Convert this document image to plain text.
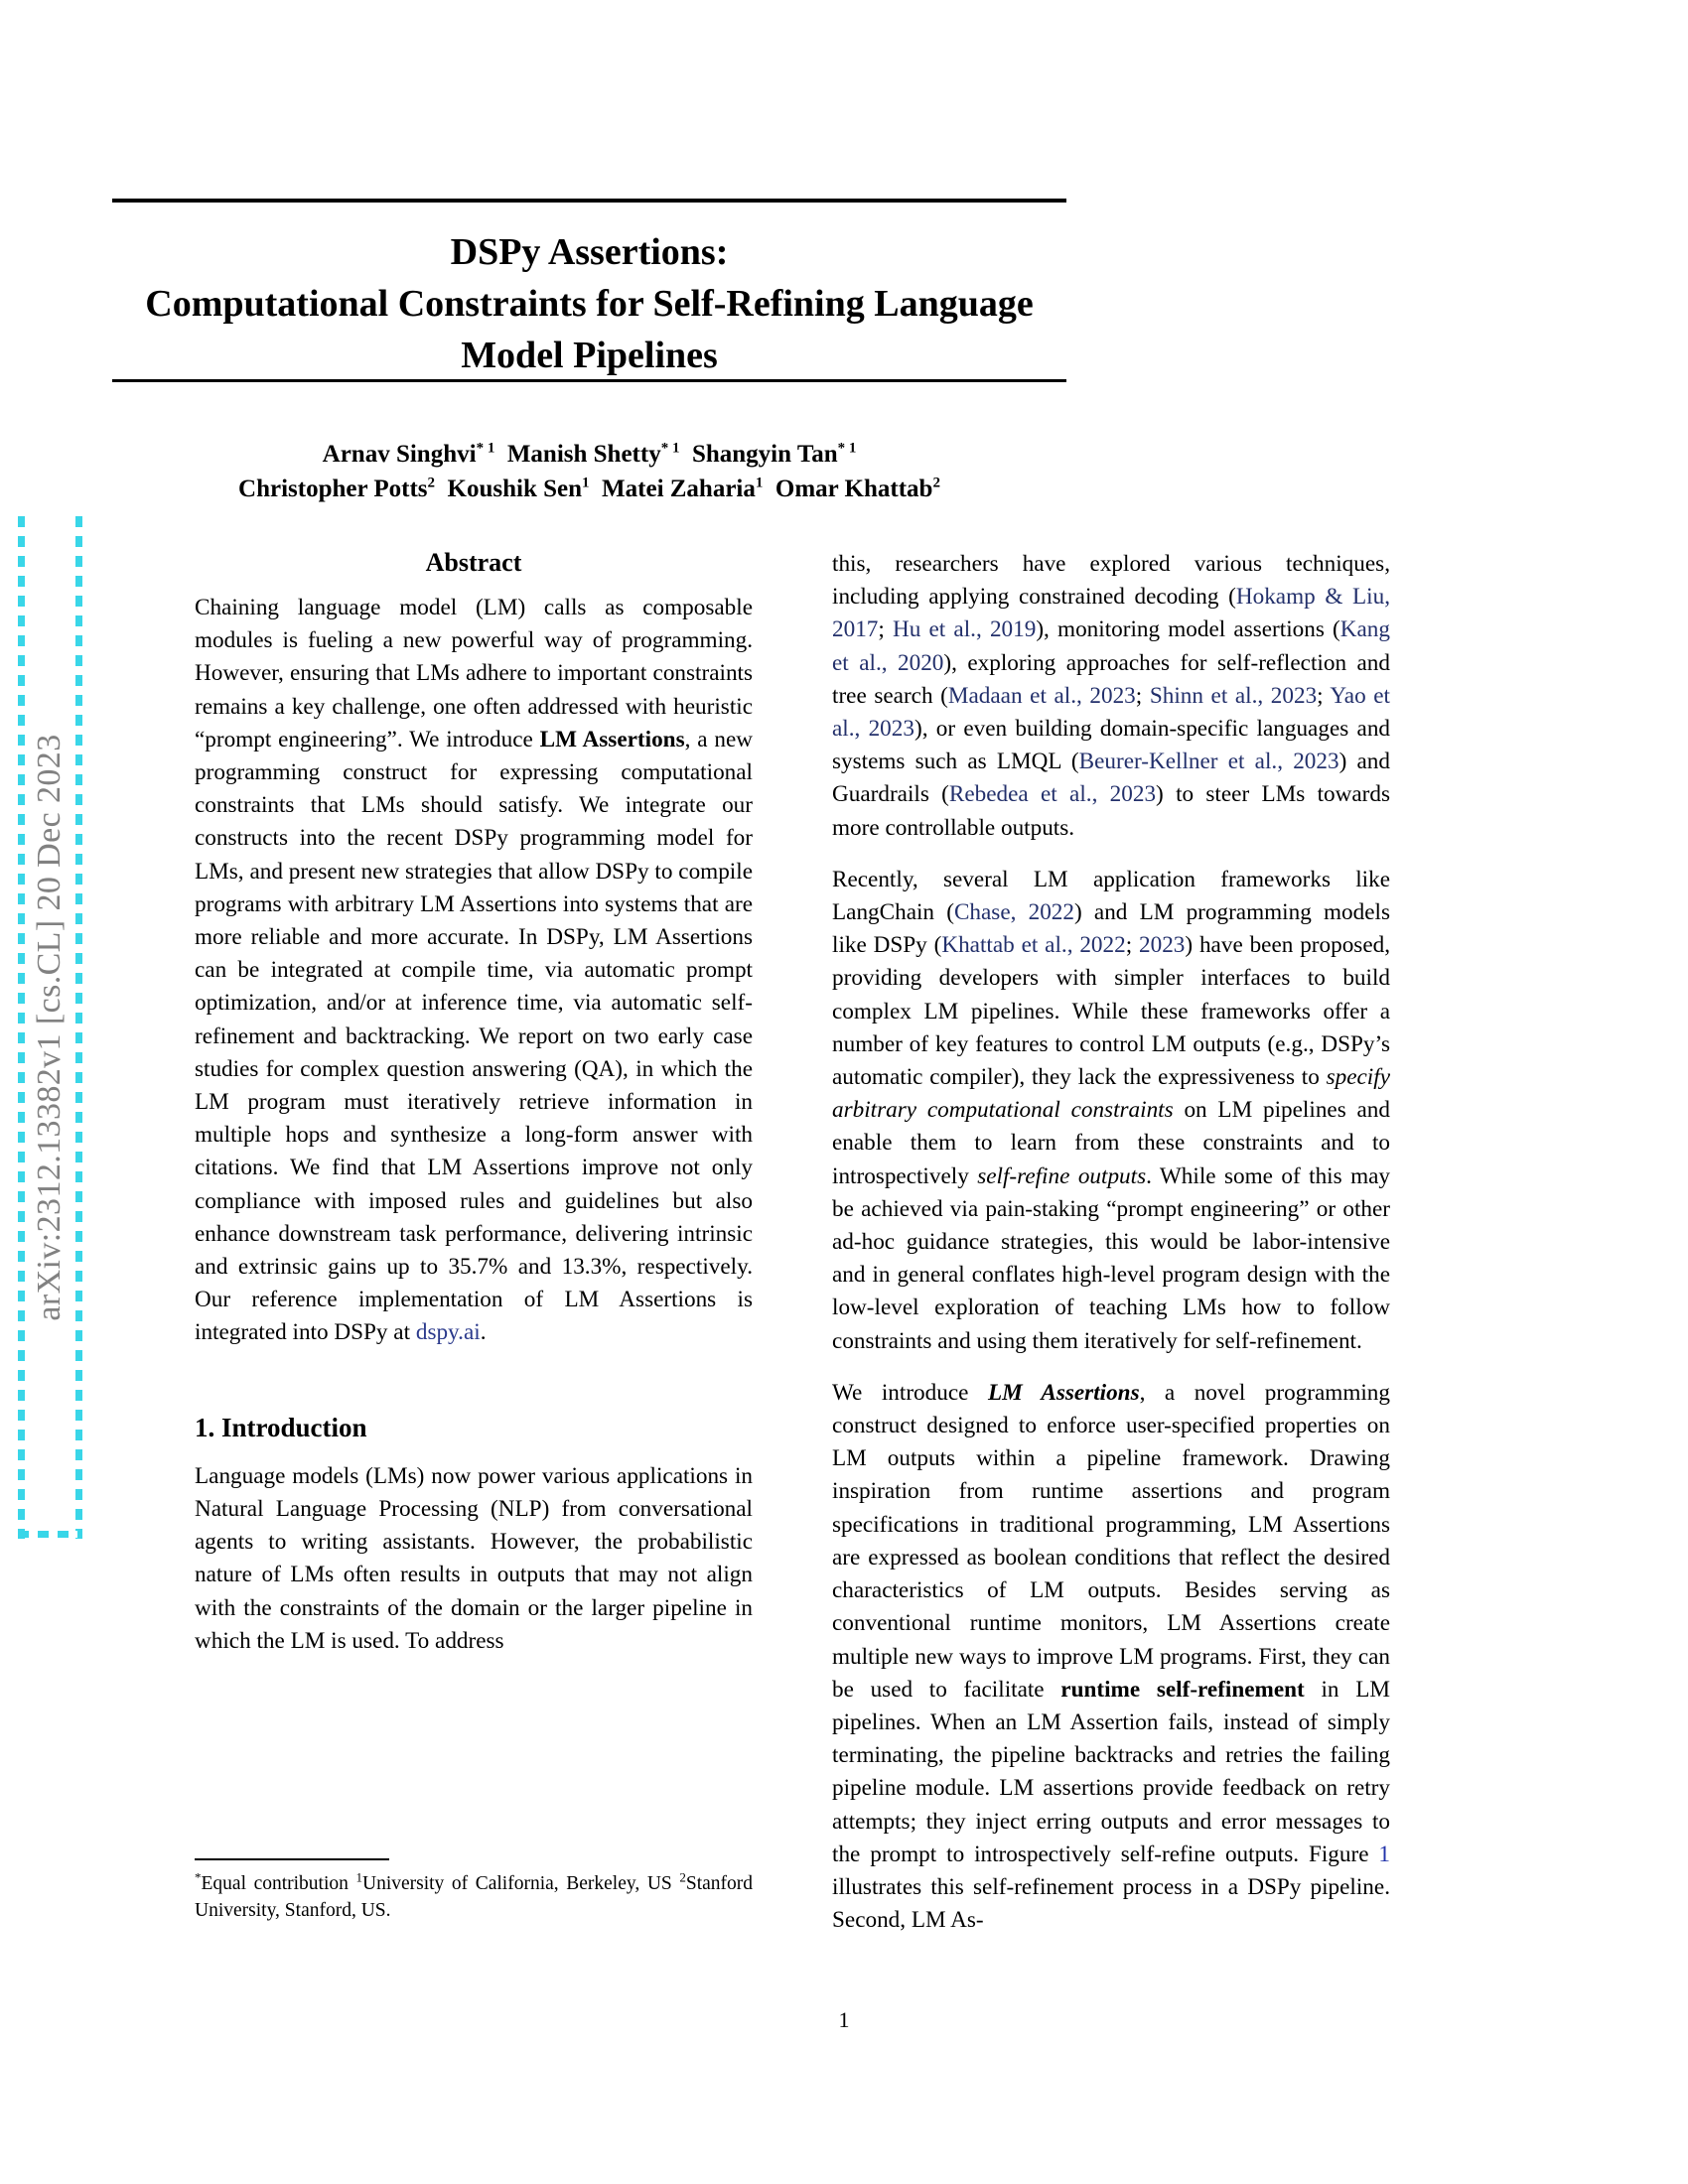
arXiv:2312.13382v1 [cs.CL] 20 Dec 2023
DSPy Assertions:
Computational Constraints for Self-Refining Language Model Pipelines
Arnav Singhvi$^{* 1}$ Manish Shetty$^{* 1}$ Shangyin Tan$^{* 1}$
Christopher Potts$^2$ Koushik Sen$^1$ Matei Zaharia$^1$ Omar Khattab$^2$
Abstract

Chaining language model (LM) calls as composable modules is fueling a new powerful way of programming. However, ensuring that LMs adhere to important constraints remains a key challenge, one often addressed with heuristic “prompt engineering”. We introduce LM Assertions, a new programming construct for expressing computational constraints that LMs should satisfy. We integrate our constructs into the recent DSPy programming model for LMs, and present new strategies that allow DSPy to compile programs with arbitrary LM Assertions into systems that are more reliable and more accurate. In DSPy, LM Assertions can be integrated at compile time, via automatic prompt optimization, and/or at inference time, via automatic self-refinement and backtracking. We report on two early case studies for complex question answering (QA), in which the LM program must iteratively retrieve information in multiple hops and synthesize a long-form answer with citations. We find that LM Assertions improve not only compliance with imposed rules and guidelines but also enhance downstream task performance, delivering intrinsic and extrinsic gains up to 35.7% and 13.3%, respectively. Our reference implementation of LM Assertions is integrated into DSPy at dspy.ai.

1. Introduction

Language models (LMs) now power various applications in Natural Language Processing (NLP) from conversational agents to writing assistants. However, the probabilistic nature of LMs often results in outputs that may not align with the constraints of the domain or the larger pipeline in which the LM is used. To address

this, researchers have explored various techniques, including applying constrained decoding (Hokamp & Liu, 2017; Hu et al., 2019), monitoring model assertions (Kang et al., 2020), exploring approaches for self-reflection and tree search (Madaan et al., 2023; Shinn et al., 2023; Yao et al., 2023), or even building domain-specific languages and systems such as LMQL (Beurer-Kellner et al., 2023) and Guardrails (Rebedea et al., 2023) to steer LMs towards more controllable outputs.

Recently, several LM application frameworks like LangChain (Chase, 2022) and LM programming models like DSPy (Khattab et al., 2022; 2023) have been proposed, providing developers with simpler interfaces to build complex LM pipelines. While these frameworks offer a number of key features to control LM outputs (e.g., DSPy’s automatic compiler), they lack the expressiveness to specify arbitrary computational constraints on LM pipelines and enable them to learn from these constraints and to introspectively self-refine outputs. While some of this may be achieved via pain-staking “prompt engineering” or other ad-hoc guidance strategies, this would be labor-intensive and in general conflates high-level program design with the low-level exploration of teaching LMs how to follow constraints and using them iteratively for self-refinement.

We introduce LM Assertions, a novel programming construct designed to enforce user-specified properties on LM outputs within a pipeline framework. Drawing inspiration from runtime assertions and program specifications in traditional programming, LM Assertions are expressed as boolean conditions that reflect the desired characteristics of LM outputs. Besides serving as conventional runtime monitors, LM Assertions create multiple new ways to improve LM programs. First, they can be used to facilitate runtime self-refinement in LM pipelines. When an LM Assertion fails, instead of simply terminating, the pipeline backtracks and retries the failing pipeline module. LM assertions provide feedback on retry attempts; they inject erring outputs and error messages to the prompt to introspectively self-refine outputs. Figure 1 illustrates this self-refinement process in a DSPy pipeline. Second, LM As-

*Equal contribution $^1$University of California, Berkeley, US $^2$Stanford University, Stanford, US.
1
